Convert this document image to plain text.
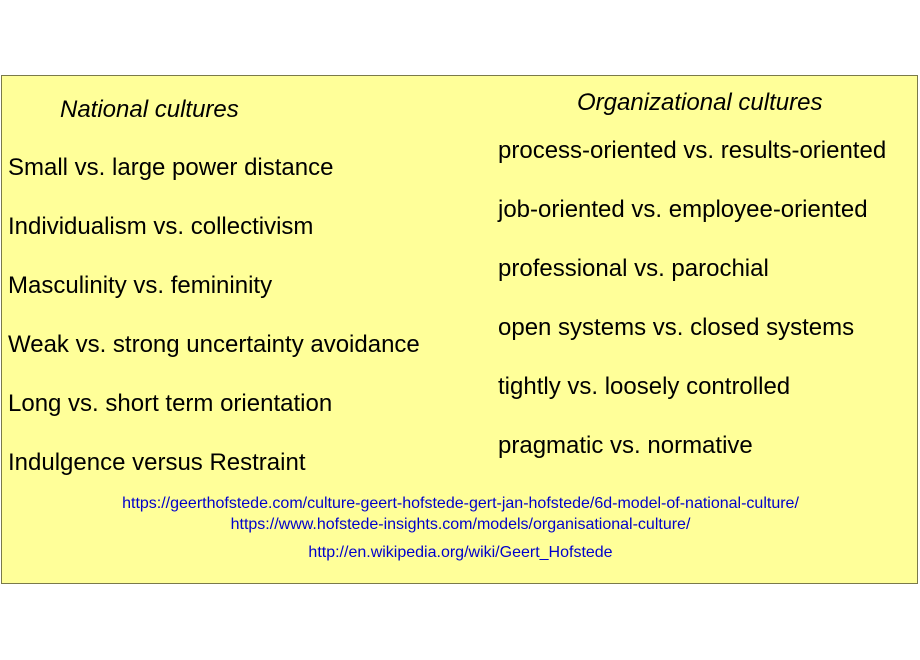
National cultures
Small vs. large power distance
Individualism vs. collectivism
Masculinity vs. femininity
Weak vs. strong uncertainty avoidance
Long vs. short term orientation
Indulgence versus Restraint
Organizational cultures
process-oriented vs. results-oriented
job-oriented vs. employee-oriented
professional vs. parochial
open systems vs. closed systems
tightly vs. loosely controlled
pragmatic vs. normative
https://geerthofstede.com/culture-geert-hofstede-gert-jan-hofstede/6d-model-of-national-culture/
https://www.hofstede-insights.com/models/organisational-culture/
http://en.wikipedia.org/wiki/Geert_Hofstede
